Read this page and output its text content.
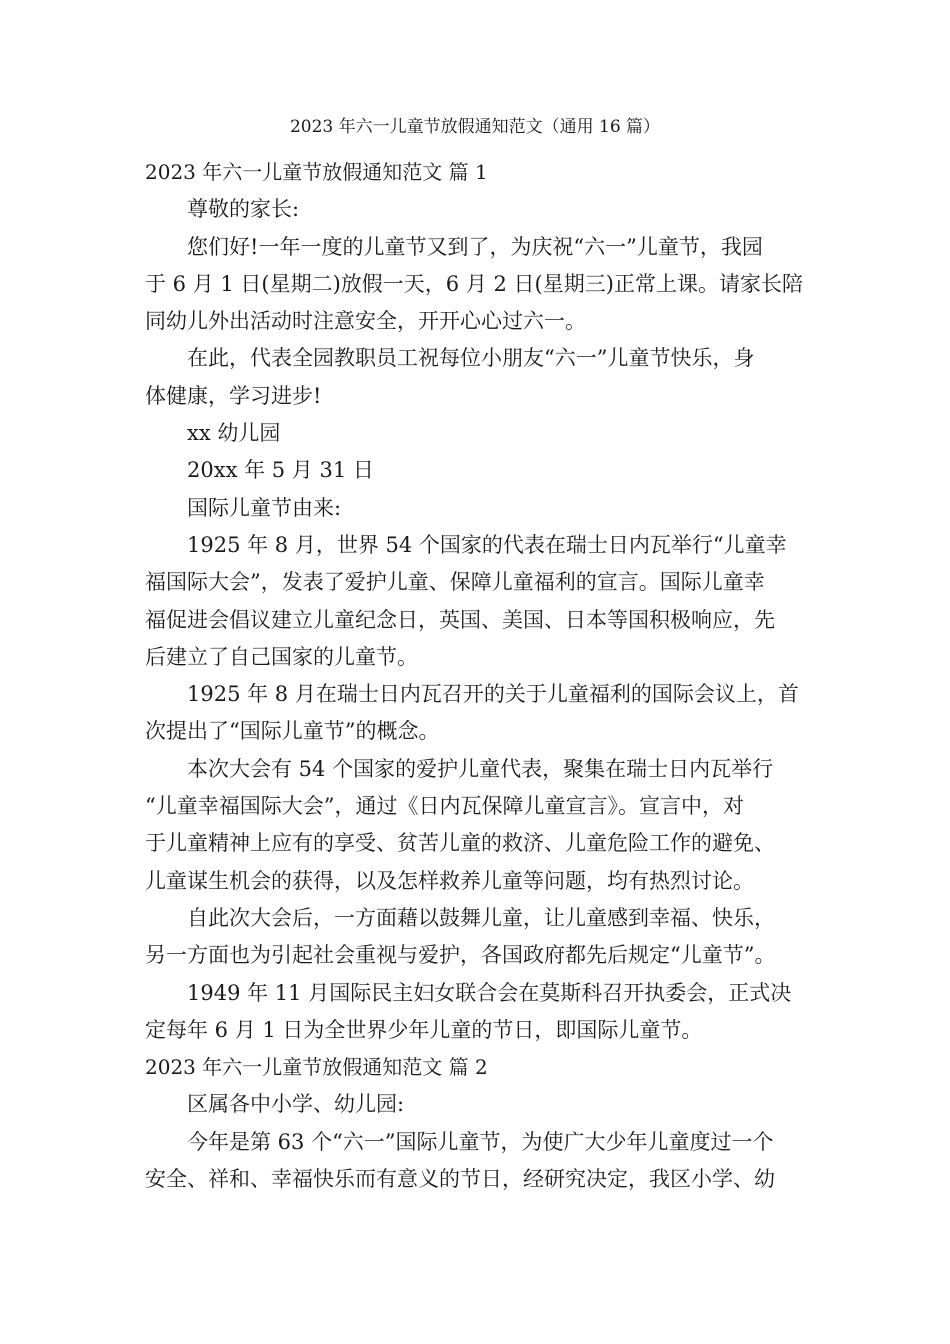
2023 年六一儿童节放假通知范文（通用 16 篇）
2023 年六一儿童节放假通知范文 篇 1
尊敬的家长:
您们好!一年一度的儿童节又到了，为庆祝“六一”儿童节，我园
于 6 月 1 日(星期二)放假一天，6 月 2 日(星期三)正常上课。请家长陪
同幼儿外出活动时注意安全，开开心心过六一。
在此，代表全园教职员工祝每位小朋友“六一”儿童节快乐，身
体健康，学习进步!
xx 幼儿园
20xx 年 5 月 31 日
国际儿童节由来:
1925 年 8 月，世界 54 个国家的代表在瑞士日内瓦举行“儿童幸
福国际大会”，发表了爱护儿童、保障儿童福利的宣言。国际儿童幸
福促进会倡议建立儿童纪念日，英国、美国、日本等国积极响应，先
后建立了自己国家的儿童节。
1925 年 8 月在瑞士日内瓦召开的关于儿童福利的国际会议上，首
次提出了“国际儿童节”的概念。
本次大会有 54 个国家的爱护儿童代表，聚集在瑞士日内瓦举行
“儿童幸福国际大会”，通过《日内瓦保障儿童宣言》。宣言中，对
于儿童精神上应有的享受、贫苦儿童的救济、儿童危险工作的避免、
儿童谋生机会的获得，以及怎样救养儿童等问题，均有热烈讨论。
自此次大会后，一方面藉以鼓舞儿童，让儿童感到幸福、快乐，
另一方面也为引起社会重视与爱护，各国政府都先后规定“儿童节”。
1949 年 11 月国际民主妇女联合会在莫斯科召开执委会，正式决
定每年 6 月 1 日为全世界少年儿童的节日，即国际儿童节。
2023 年六一儿童节放假通知范文 篇 2
区属各中小学、幼儿园:
今年是第 63 个“六一”国际儿童节，为使广大少年儿童度过一个
安全、祥和、幸福快乐而有意义的节日，经研究决定，我区小学、幼
